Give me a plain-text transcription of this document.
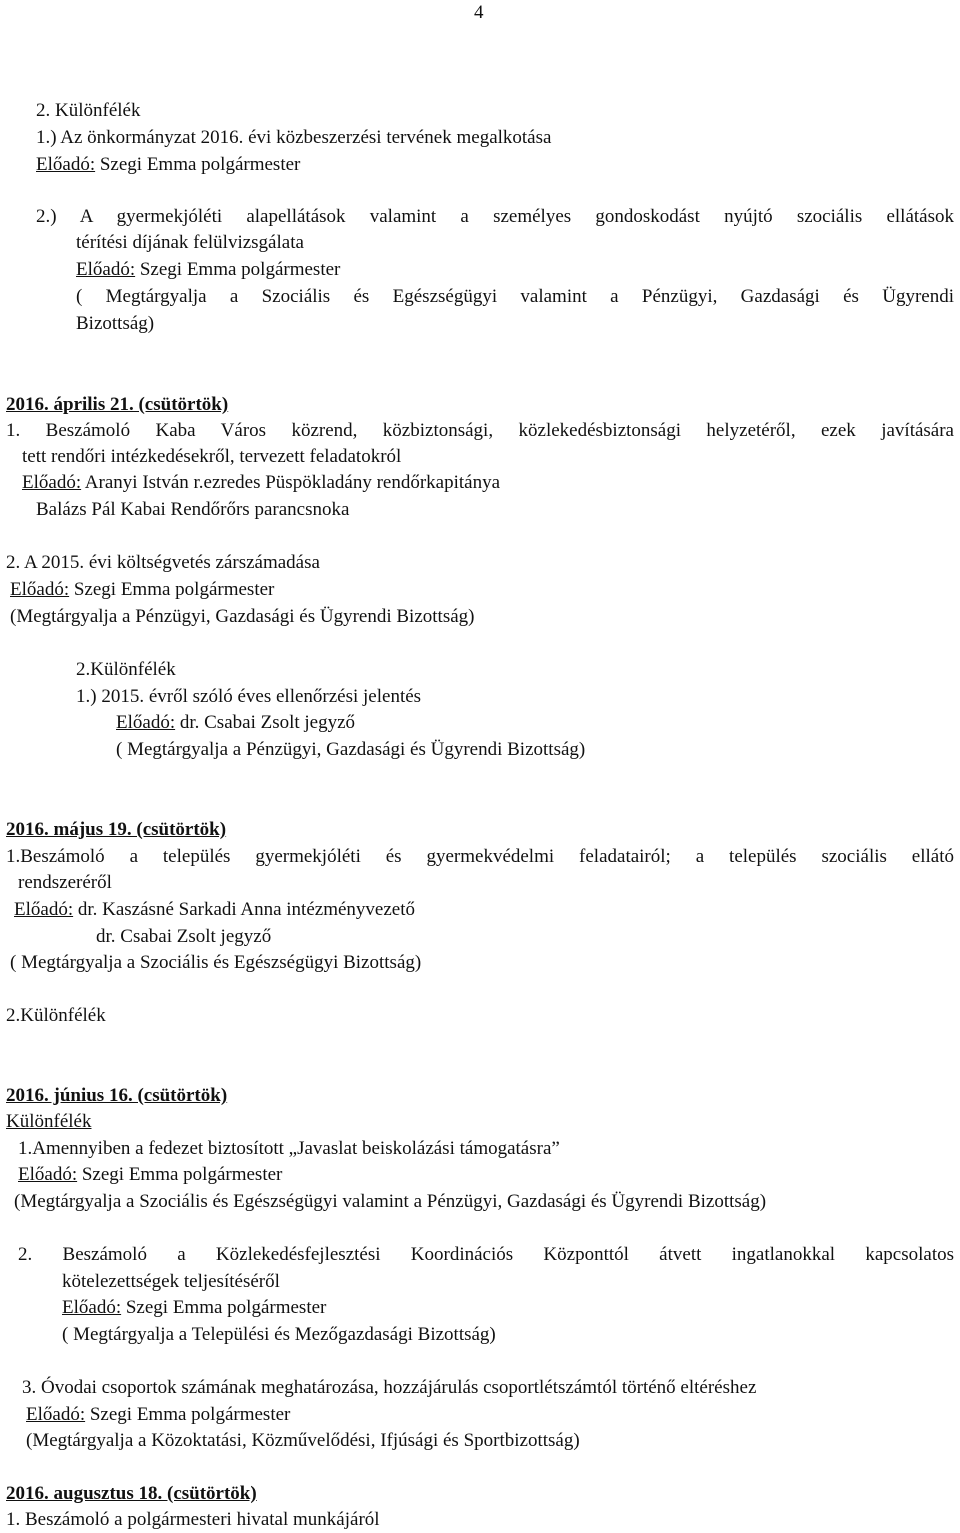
4
2. Különfélék
1.) Az önkormányzat 2016. évi közbeszerzési tervének megalkotása
Előadó: Szegi Emma polgármester
2.) A gyermekjóléti alapellátások valamint a személyes gondoskodást nyújtó szociális ellátások
térítési díjának felülvizsgálata
Előadó: Szegi Emma polgármester
( Megtárgyalja a Szociális és Egészségügyi valamint a Pénzügyi, Gazdasági és Ügyrendi
Bizottság)
2016. április 21. (csütörtök)
1. Beszámoló Kaba Város közrend, közbiztonsági, közlekedésbiztonsági helyzetéről, ezek javítására
tett rendőri intézkedésekről, tervezett feladatokról
Előadó: Aranyi István r.ezredes Püspökladány rendőrkapitánya
Balázs Pál Kabai Rendőrőrs parancsnoka
2. A 2015. évi költségvetés zárszámadása
Előadó: Szegi Emma polgármester
(Megtárgyalja a Pénzügyi, Gazdasági és Ügyrendi Bizottság)
2.Különfélék
1.) 2015. évről szóló éves ellenőrzési jelentés
Előadó: dr. Csabai Zsolt jegyző
( Megtárgyalja a Pénzügyi, Gazdasági és Ügyrendi Bizottság)
2016. május 19. (csütörtök)
1.Beszámoló a település gyermekjóléti és gyermekvédelmi feladatairól; a település szociális ellátó
rendszeréről
Előadó: dr. Kaszásné Sarkadi Anna intézményvezető
dr. Csabai Zsolt jegyző
( Megtárgyalja a Szociális és Egészségügyi Bizottság)
2.Különfélék
2016. június 16. (csütörtök)
Különfélék
1.Amennyiben a fedezet biztosított „Javaslat beiskolázási támogatásra”
Előadó: Szegi Emma polgármester
(Megtárgyalja a Szociális és Egészségügyi valamint a Pénzügyi, Gazdasági és Ügyrendi Bizottság)
2. Beszámoló a Közlekedésfejlesztési Koordinációs Központtól átvett ingatlanokkal kapcsolatos
kötelezettségek teljesítéséről
Előadó: Szegi Emma polgármester
( Megtárgyalja a Települési és Mezőgazdasági Bizottság)
3. Óvodai csoportok számának meghatározása, hozzájárulás csoportlétszámtól történő eltéréshez
Előadó: Szegi Emma polgármester
(Megtárgyalja a Közoktatási, Közművelődési, Ifjúsági és Sportbizottság)
2016. augusztus 18. (csütörtök)
1. Beszámoló a polgármesteri hivatal munkájáról
